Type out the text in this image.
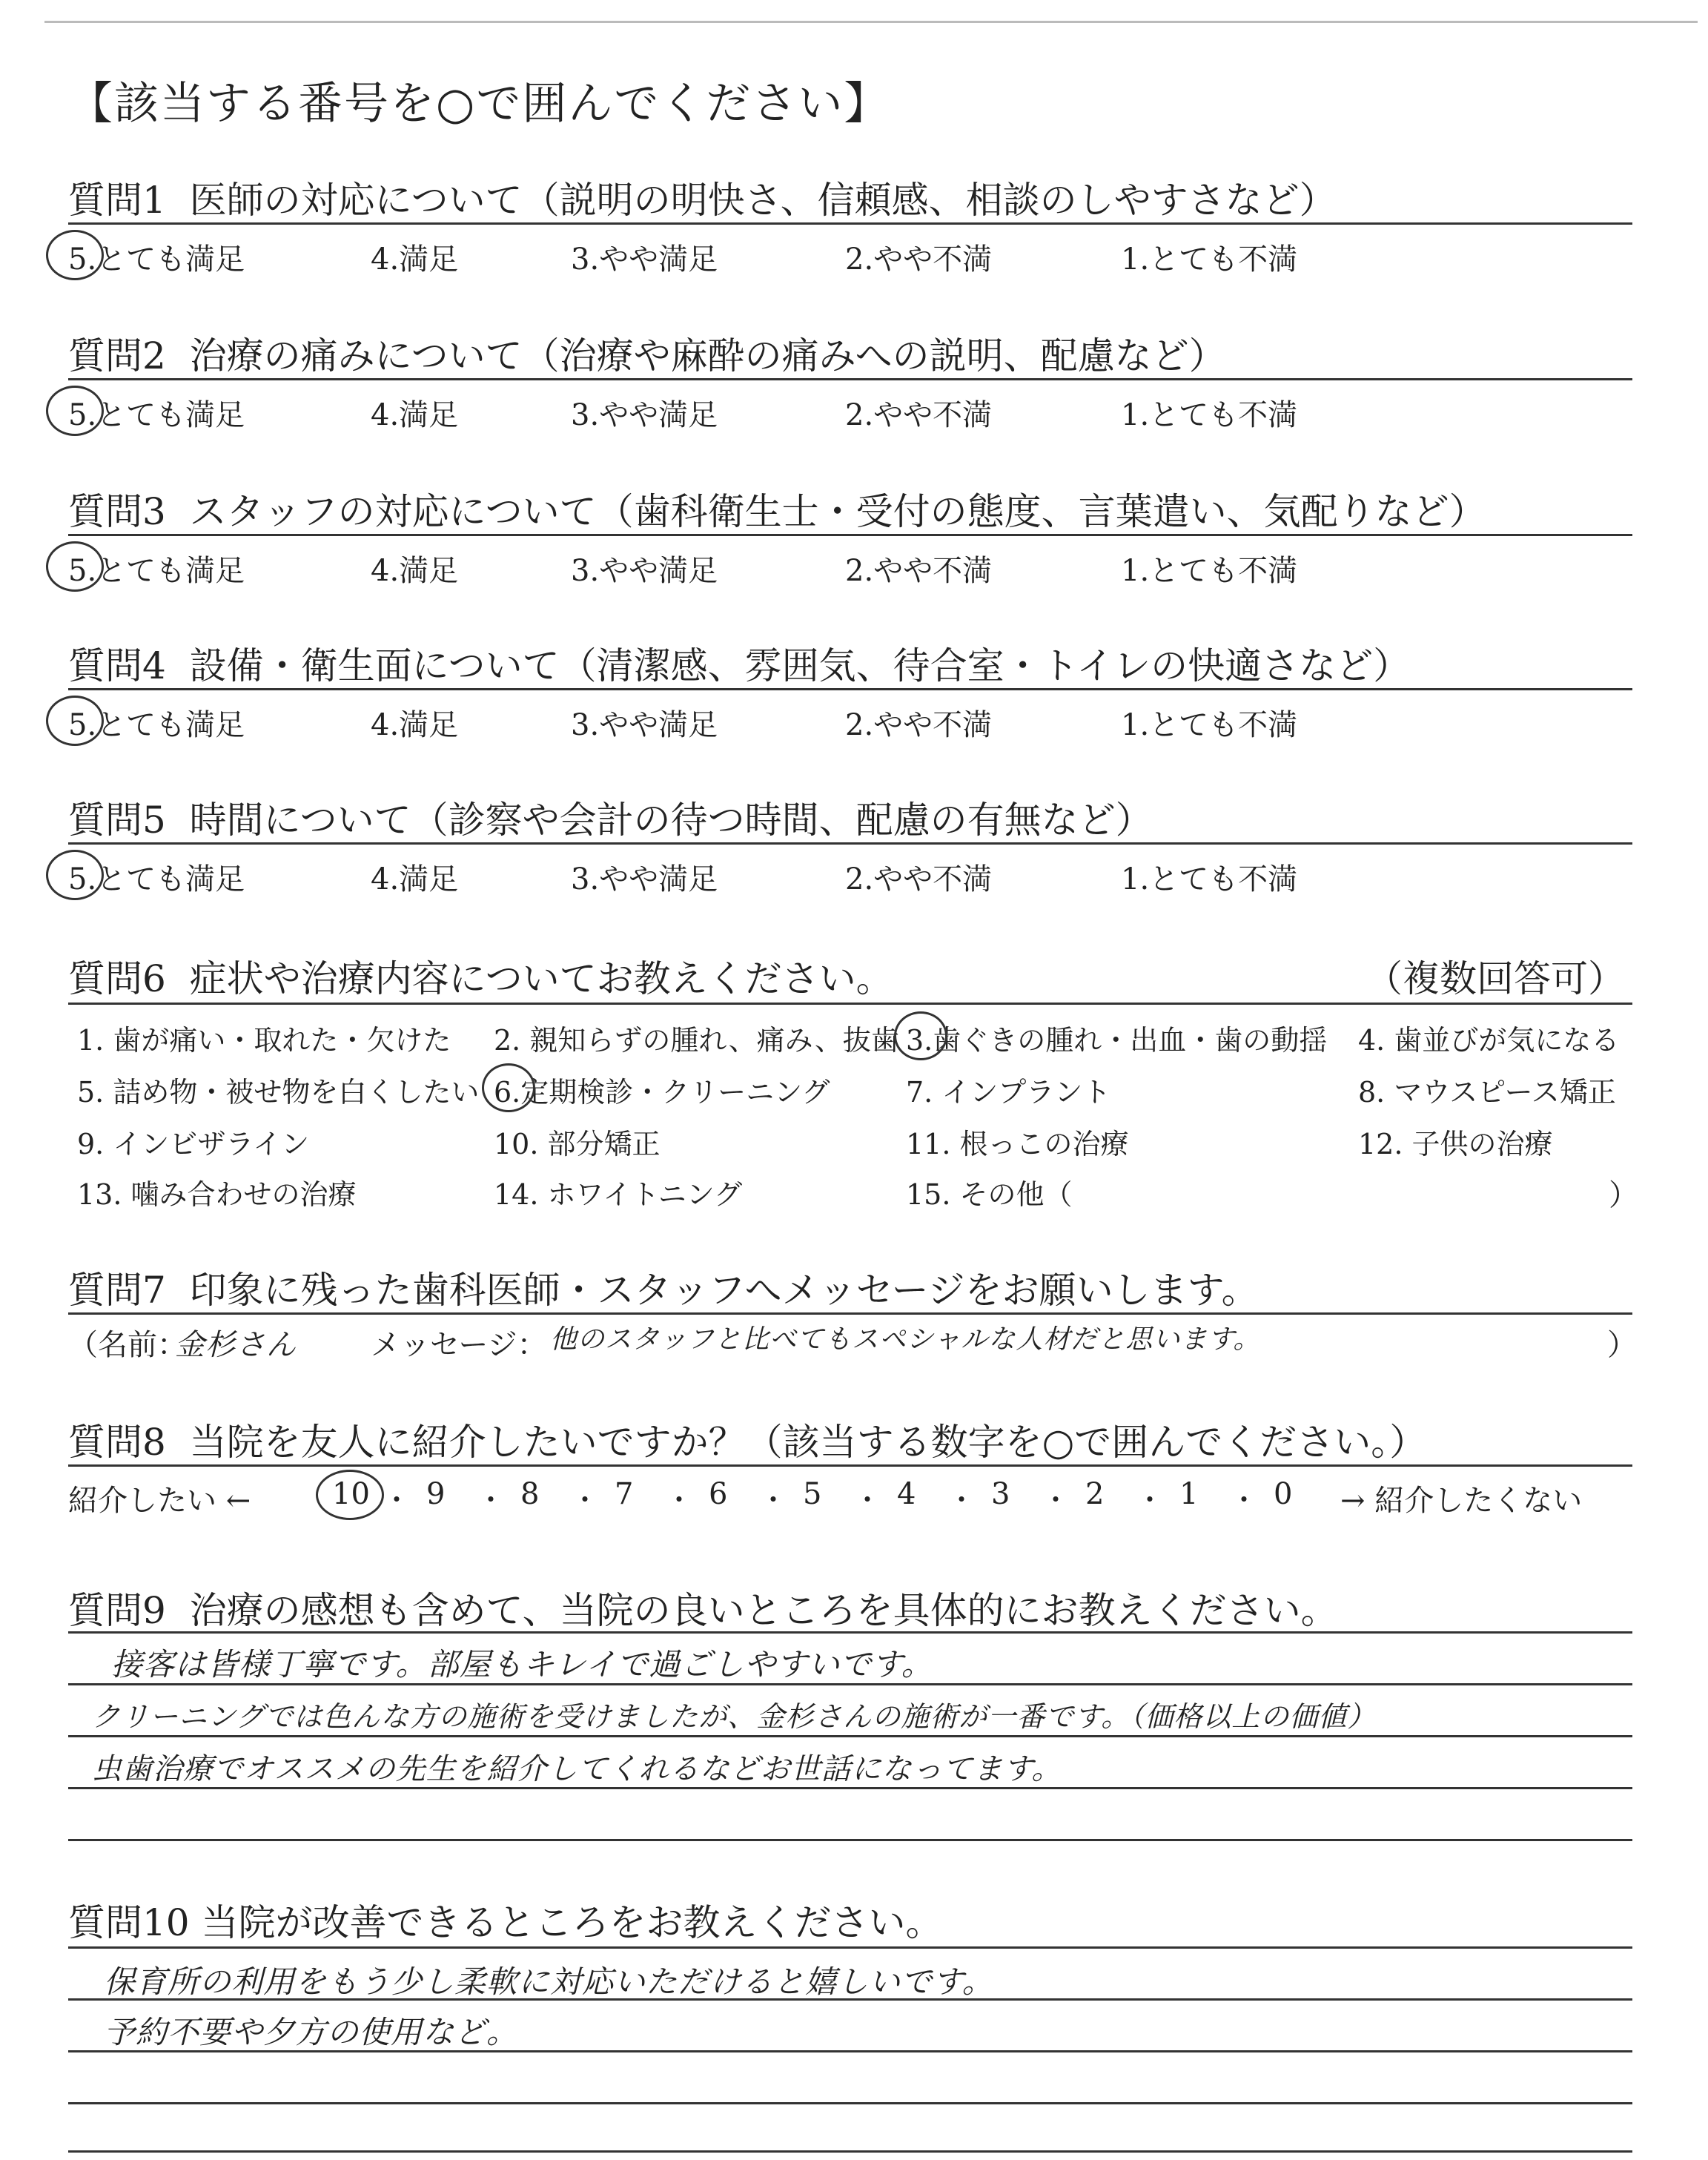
【該当する番号を○で囲んでください】
質問1 医師の対応について（説明の明快さ、信頼感、相談のしやすさなど）
5.とても満足	4.満足	3.やや満足	2.やや不満	1.とても不満
質問2 治療の痛みについて（治療や麻酔の痛みへの説明、配慮など）
5.とても満足	4.満足	3.やや満足	2.やや不満	1.とても不満
質問3 スタッフの対応について（歯科衛生士・受付の態度、言葉遣い、気配りなど）
5.とても満足	4.満足	3.やや満足	2.やや不満	1.とても不満
質問4 設備・衛生面について（清潔感、雰囲気、待合室・トイレの快適さなど）
5.とても満足	4.満足	3.やや満足	2.やや不満	1.とても不満
質問5 時間について（診察や会計の待つ時間、配慮の有無など）
5.とても満足	4.満足	3.やや満足	2.やや不満	1.とても不満
質問6 症状や治療内容についてお教えください。	（複数回答可）
1. 歯が痛い・取れた・欠けた 2. 親知らずの腫れ、痛み、抜歯 3.歯ぐきの腫れ・出血・歯の動揺 4. 歯並びが気になる
5. 詰め物・被せ物を白くしたい 6.定期検診・クリーニング	7. インプラント	8. マウスピース矯正
9. インビザライン	10. 部分矯正	11. 根っこの治療	12. 子供の治療
13. 噛み合わせの治療	14. ホワイトニング	15. その他（	）
質問7 印象に残った歯科医師・スタッフへメッセージをお願いします。
（名前：
金杉さん	メッセージ： 他のスタッフと比べてもスペシャルな人材だと思います。	）
質問8 当院を友人に紹介したいですか？（該当する数字を○で囲んでください。）
紹介したい ←	10 ・ 9 ・ 8 ・ 7 ・ 6 ・ 5 ・ 4 ・ 3 ・ 2 ・ 1 ・ 0 → 紹介したくない
質問9 治療の感想も含めて、当院の良いところを具体的にお教えください。
接客は皆様丁寧です。部屋もキレイで過ごしやすいです。
クリーニングでは色んな方の施術を受けましたが、金杉さんの施術が一番です。（価格以上の価値）
虫歯治療でオススメの先生を紹介してくれるなどお世話になってます。
質問10 当院が改善できるところをお教えください。
保育所の利用をもう少し柔軟に対応いただけると嬉しいです。
予約不要や夕方の使用など。
